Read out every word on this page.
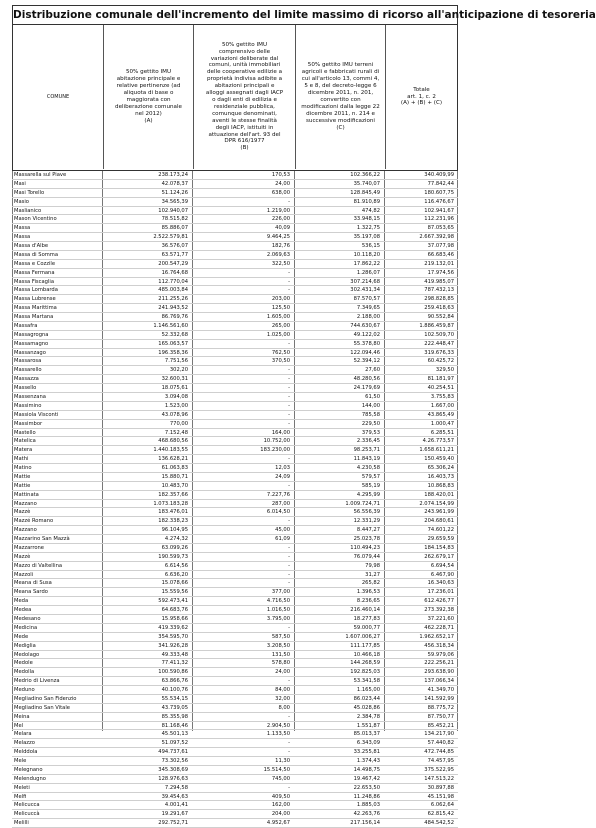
Distribuzione comunale dell'incremento del limite massimo di ricorso all'anticipazione di tesoreria
COMUNE
50% gettito IMU
abitazione principale e
relative pertinenze (ad
aliquota di base o
maggiorata con
deliberazione comunale
nel 2012)
(A)
50% gettito IMU
comprensivo delle
variazioni deliberate dal
comuni, unità immobiliari
delle cooperative edilizie a
proprietà indivisa adibite a
abitazioni principali e
alloggi assegnati dagli IACP
o dagli enti di edilizia e
residenziale pubblica,
comunque denominati,
aventi le stesse finalità
degli IACP, istituiti in
attuazione dell'art. 93 del
DPR 616/1977
(B)
50% gettito IMU terreni
agricoli e fabbricati rurali di
cui all'articolo 13, commi 4,
5 e 8, del decreto-legge 6
dicembre 2011, n. 201,
convertito con
modificazioni dalla legge 22
dicembre 2011, n. 214 e
successive modificazioni
(C)
Totale
art. 1, c. 2
(A) + (B) + (C)
Massarella sul Piave	238.173,24	170,53	102.366,22	340.409,99
Masi	42.078,37	24,00	35.740,07	77.842,44
Masi Torello	51.124,26	638,00	128.845,49	180.607,75
Masio	34.565,39	-	81.910,89	116.476,67
Maslianico	102.940,07	1.219,00	474,82	102.941,67
Mason Vicentino	78.515,82	226,00	33.948,15	112.231,96
Massa	85.886,07	40,09	1.322,75	87.053,65
Massa	2.522.579,81	9.464,25	35.197,08	2.667.392,98
Massa d'Albe	36.576,07	182,76	536,15	37.077,98
Massa di Somma	63.571,77	2.069,63	10.118,20	66.683,46
Massa e Cozzile	200.547,29	322,50	17.862,22	219.132,01
Massa Fermana	16.764,68	-	1.286,07	17.974,56
Massa Fiscaglia	112.770,04	-	307.214,68	419.985,07
Massa Lombarda	485.003,84	-	302.431,34	787.432,13
Massa Lubrense	211.255,26	203,00	87.570,57	298.828,85
Massa Marittima	241.943,52	125,50	7.349,65	259.418,63
Massa Martana	86.769,76	1.605,00	2.188,00	90.552,84
Massafra	1.146.561,60	265,00	744.630,67	1.886.459,87
Massagrogna	52.332,68	1.025,00	49.122,02	102.509,70
Massamagno	165.063,57	-	55.378,80	222.448,47
Massanzago	196.358,36	762,50	122.094,46	319.676,33
Massarosa	7.751,56	370,50	52.394,12	60.425,72
Massarello	302,20	-	27,60	329,50
Massazza	32.600,31	-	48.280,56	81.181,97
Massello	18.075,61	-	24.179,69	40.254,51
Massenzana	3.094,08	-	61,50	3.755,83
Massimino	1.523,00	-	144,00	1.667,00
Massiola Visconti	43.078,96	-	785,58	43.865,49
Massimbor	770,00	-	229,50	1.000,47
Mastello	7.152,48	164,00	379,53	6.285,51
Matelica	468.680,56	10.752,00	2.336,45	4.26.773,57
Matera	1.440.183,55	183.230,00	98.253,71	1.658.611,21
Mathi	136.628,21	-	11.843,19	150.459,40
Matino	61.063,83	12,03	4.230,58	65.306,24
Mattie	15.880,71	24,09	579,57	16.403,73
Mattie	10.483,70	-	585,19	10.868,83
Mattinata	182.357,66	7.227,76	4.295,99	188.420,01
Mazzano	1.073.183,28	287,00	1.009.724,71	2.074.154,99
Mazzè	183.476,01	6.014,50	56.556,39	243.961,99
Mazzé Romano	182.338,23	-	12.331,29	204.680,61
Mazzano	96.104,95	45,00	8.447,27	74.601,22
Mazzarino San Mazzà	4.274,32	61,09	25.023,78	29.659,59
Mazzarrone	63.099,26	-	110.494,23	184.154,83
Mazzè	190.599,73	-	76.079,44	262.679,17
Mazzo di Valtellina	6.614,56	-	79,98	6.694,54
Mazzoli	6.636,20	-	31,27	6.467,90
Meana di Susa	15.078,66	-	265,82	16.340,63
Meana Sardo	15.559,56	377,00	1.396,53	17.236,01
Meda	592.473,41	4.716,50	8.236,65	612.426,77
Medea	64.683,76	1.016,50	216.460,14	273.392,38
Medesano	15.958,66	3.795,00	18.277,83	37.221,60
Medicina	419.339,62	-	59.000,77	462.228,71
Mede	354.595,70	587,50	1.607.006,27	1.962.652,17
Mediglia	341.926,28	3.208,50	111.177,85	456.318,34
Medolago	49.333,48	131,50	10.466,18	59.979,06
Medole	77.411,32	578,80	144.268,59	222.256,21
Medolla	100.590,86	24,00	192.825,03	293.638,90
Medrio di Livenza	63.866,76	-	53.341,58	137.066,34
Meduno	40.100,76	84,00	1.165,00	41.349,70
Megliadino San Fidenzio	55.534,15	32,00	86.023,44	141.592,99
Megliadino San Vitale	43.739,05	8,00	45.028,86	88.775,72
Meina	85.355,98	-	2.384,78	87.750,77
Mel	81.168,46	2.904,50	1.551,87	85.452,21
Melara	45.501,13	1.133,50	85.013,37	134.217,90
Melazzo	51.097,52	-	6.343,09	57.440,82
Melddola	494.737,61	-	33.255,81	472.744,85
Mele	73.302,56	11,30	1.374,43	74.457,95
Melegnano	345.308,69	15.514,50	14.498,75	375.522,95
Melendugno	128.976,63	745,00	19.467,42	147.513,22
Meleti	7.294,58	-	22.653,50	30.897,88
Melfi	39.454,63	409,50	11.248,86	45.151,98
Melicucca	4.001,41	162,00	1.885,03	6.062,64
Melicuccà	19.291,67	204,00	42.263,76	62.815,42
Melilli	292.752,71	4.952,67	217.156,14	484.542,52
